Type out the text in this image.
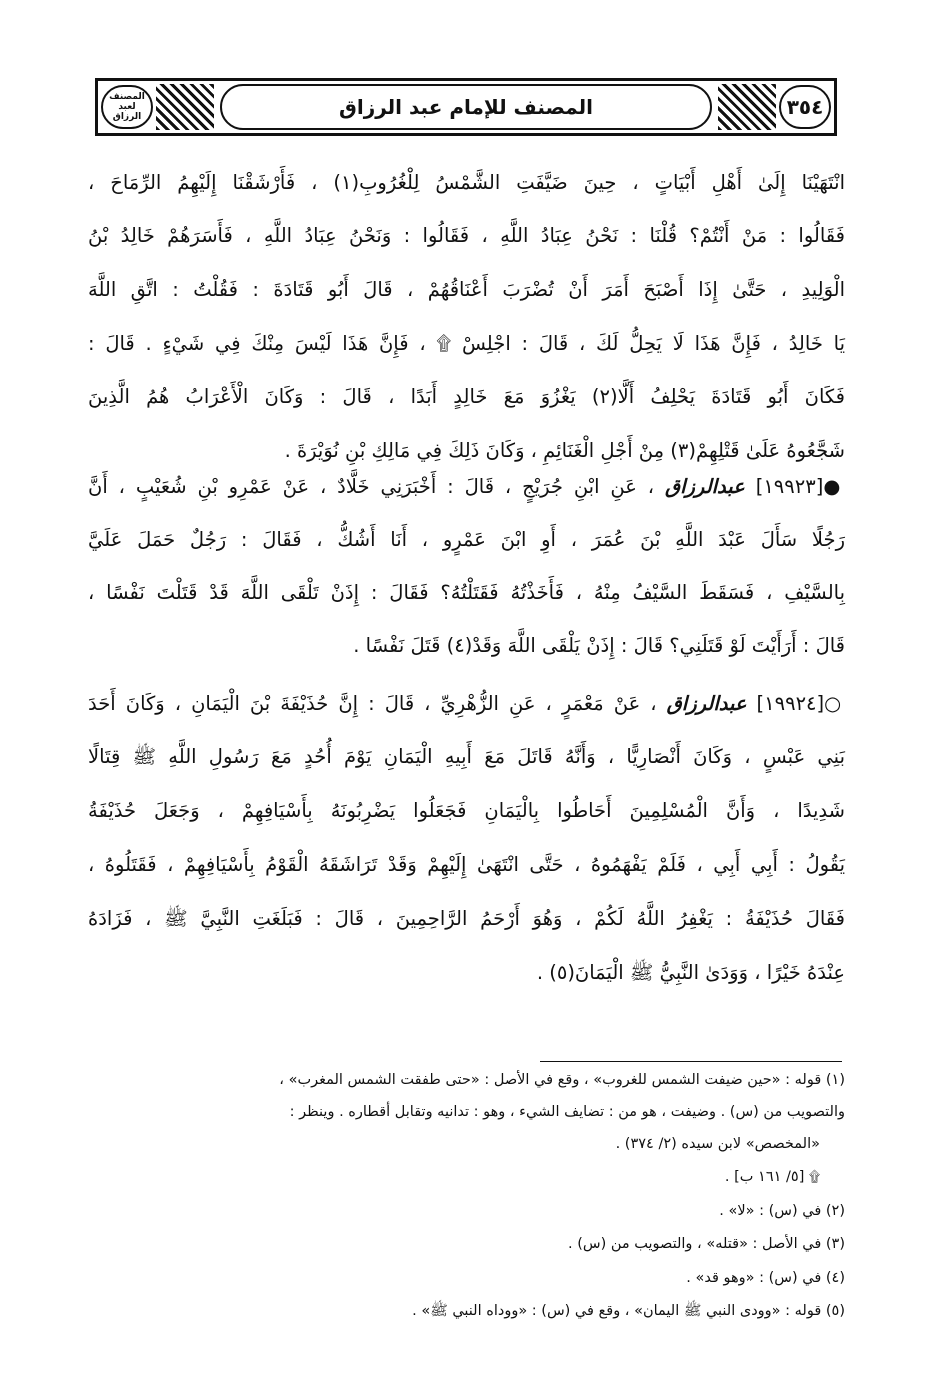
المصنف لعبد الرزاق	المصنف للإمام عبد الرزاق	٣٥٤
انْتَهَيْنَا إِلَىٰ أَهْلِ أَبْيَاتٍ ، حِينَ ضَيَّفَتِ الشَّمْسُ لِلْغُرُوبِ(١) ، فَأَرْشَقْنَا إِلَيْهِمُ الرِّمَاحَ ،
فَقَالُوا : مَنْ أَنْتُمْ؟ قُلْنَا : نَحْنُ عِبَادُ اللَّهِ ، فَقَالُوا : وَنَحْنُ عِبَادُ اللَّهِ ، فَأَسَرَهُمْ خَالِدُ بْنُ
الْوَلِيدِ ، حَتَّىٰ إِذَا أَصْبَحَ أَمَرَ أَنْ تُضْرَبَ أَعْنَاقُهُمْ ، قَالَ أَبُو قَتَادَةَ : فَقُلْتُ : اتَّقِ اللَّهَ
يَا خَالِدُ ، فَإِنَّ هَذَا لَا يَحِلُّ لَكَ ، قَالَ : اجْلِسْ ۩ ، فَإِنَّ هَذَا لَيْسَ مِنْكَ فِي شَيْءٍ . قَالَ :
فَكَانَ أَبُو قَتَادَةَ يَحْلِفُ أَلَّا(٢) يَغْزُوَ مَعَ خَالِدٍ أَبَدًا ، قَالَ : وَكَانَ الْأَعْرَابُ هُمُ الَّذِينَ
شَجَّعُوهُ عَلَىٰ قَتْلِهِمْ(٣) مِنْ أَجْلِ الْغَنَائِمِ ، وَكَانَ ذَلِكَ فِي مَالِكِ بْنِ نُوَيْرَةَ .
●[١٩٩٢٣] عبدالرزاق ، عَنِ ابْنِ جُرَيْجٍ ، قَالَ : أَخْبَرَنِي خَلَّادٌ ، عَنْ عَمْرِو بْنِ شُعَيْبٍ ، أَنَّ
رَجُلًا سَأَلَ عَبْدَ اللَّهِ بْنَ عُمَرَ ، أَوِ ابْنَ عَمْرٍو ، أَنَا أَشُكُّ ، فَقَالَ : رَجُلٌ حَمَلَ عَلَيَّ
بِالسَّيْفِ ، فَسَقَطَ السَّيْفُ مِنْهُ ، فَأَخَذْتُهُ فَقَتَلْتُهُ؟ فَقَالَ : إِذَنْ تَلْقَى اللَّهَ قَدْ قَتَلْتَ نَفْسًا ،
قَالَ : أَرَأَيْتَ لَوْ قَتَلَنِي؟ قَالَ : إِذَنْ يَلْقَى اللَّهَ وَقَدْ(٤) قَتَلَ نَفْسًا .
○[١٩٩٢٤] عبدالرزاق ، عَنْ مَعْمَرٍ ، عَنِ الزُّهْرِيِّ ، قَالَ : إِنَّ حُذَيْفَةَ بْنَ الْيَمَانِ ، وَكَانَ أَحَدَ
بَنِي عَبْسٍ ، وَكَانَ أَنْصَارِيًّا ، وَأَنَّهُ قَاتَلَ مَعَ أَبِيهِ الْيَمَانِ يَوْمَ أُحُدٍ مَعَ رَسُولِ اللَّهِ ﷺ قِتَالًا
شَدِيدًا ، وَأَنَّ الْمُسْلِمِينَ أَحَاطُوا بِالْيَمَانِ فَجَعَلُوا يَضْرِبُونَهُ بِأَسْيَافِهِمْ ، وَجَعَلَ حُذَيْفَةُ
يَقُولُ : أَبِي أَبِي ، فَلَمْ يَفْهَمُوهُ ، حَتَّى انْتَهَىٰ إِلَيْهِمْ وَقَدْ تَرَاشَقَهُ الْقَوْمُ بِأَسْيَافِهِمْ ، فَقَتَلُوهُ ،
فَقَالَ حُذَيْفَةُ : يَغْفِرُ اللَّهُ لَكُمْ ، وَهُوَ أَرْحَمُ الرَّاحِمِينَ ، قَالَ : فَبَلَغَتِ النَّبِيَّ ﷺ ، فَزَادَهُ
عِنْدَهُ خَيْرًا ، وَوَدَىٰ النَّبِيُّ ﷺ الْيَمَانَ(٥) .
(١) قوله : «حين ضيفت الشمس للغروب» ، وقع في الأصل : «حتى طفقت الشمس المغرب» ،
والتصويب من (س) . وضيفت ، هو من : تضايف الشيء ، وهو : تدانيه وتقابل أقطاره . وينظر :
«المخصص» لابن سيده (٢/ ٣٧٤) .
۩ [٥/ ١٦١ ب] .
(٢) في (س) : «لا» .
(٣) في الأصل : «قتله» ، والتصويب من (س) .
(٤) في (س) : «وهو قد» .
(٥) قوله : «وودى النبي ﷺ اليمان» ، وقع في (س) : «ووداه النبي ﷺ» .
